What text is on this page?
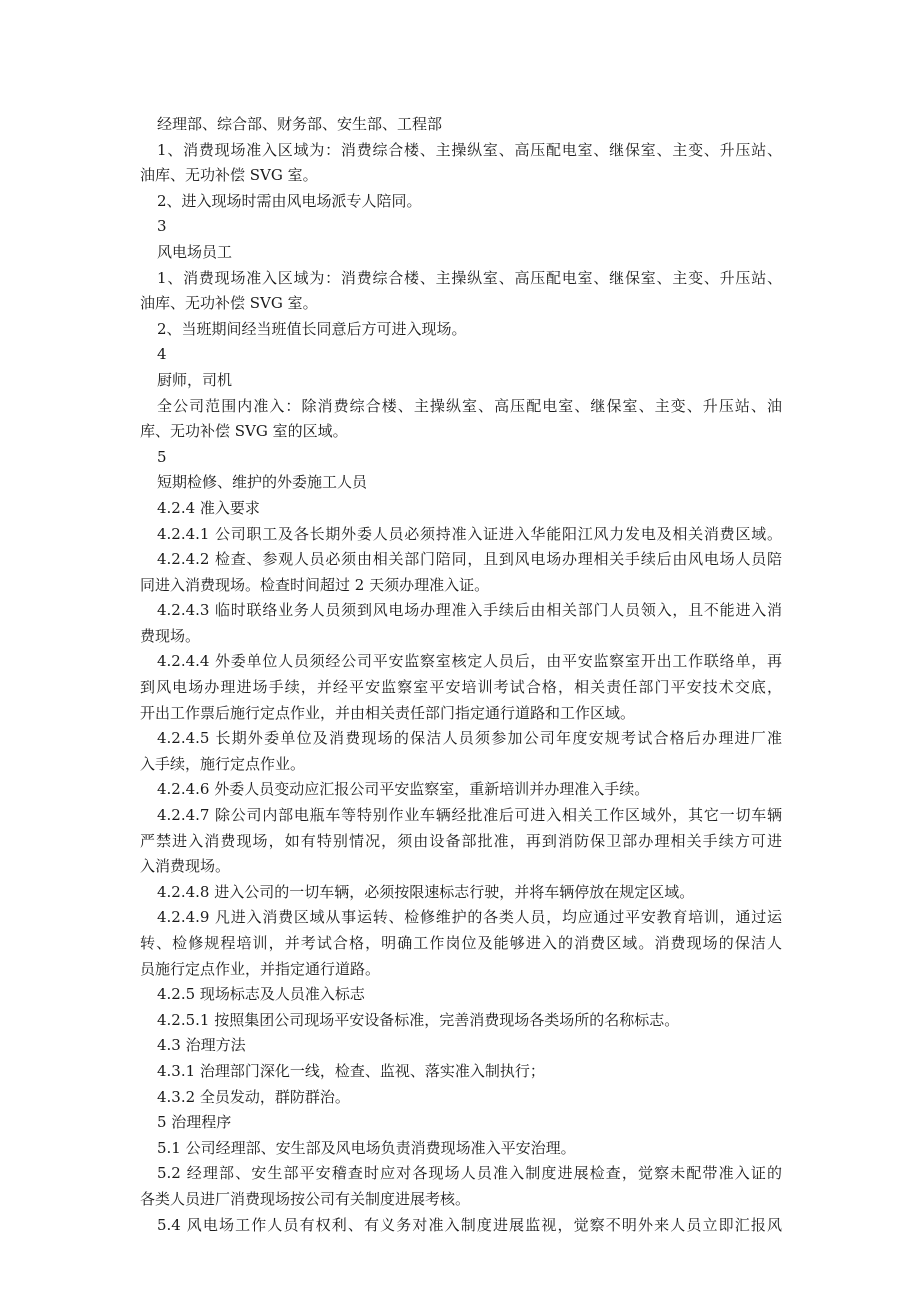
经理部、综合部、财务部、安生部、工程部
1、消费现场准入区域为：消费综合楼、主操纵室、高压配电室、继保室、主变、升压站、
油库、无功补偿 SVG 室。
2、进入现场时需由风电场派专人陪同。
3
风电场员工
1、消费现场准入区域为：消费综合楼、主操纵室、高压配电室、继保室、主变、升压站、
油库、无功补偿 SVG 室。
2、当班期间经当班值长同意后方可进入现场。
4
厨师，司机
全公司范围内准入：除消费综合楼、主操纵室、高压配电室、继保室、主变、升压站、油
库、无功补偿 SVG 室的区域。
5
短期检修、维护的外委施工人员
4.2.4 准入要求
4.2.4.1 公司职工及各长期外委人员必须持准入证进入华能阳江风力发电及相关消费区域。
4.2.4.2 检查、参观人员必须由相关部门陪同，且到风电场办理相关手续后由风电场人员陪
同进入消费现场。检查时间超过 2 天须办理准入证。
4.2.4.3 临时联络业务人员须到风电场办理准入手续后由相关部门人员领入，且不能进入消
费现场。
4.2.4.4 外委单位人员须经公司平安监察室核定人员后，由平安监察室开出工作联络单，再
到风电场办理进场手续，并经平安监察室平安培训考试合格，相关责任部门平安技术交底，
开出工作票后施行定点作业，并由相关责任部门指定通行道路和工作区域。
4.2.4.5 长期外委单位及消费现场的保洁人员须参加公司年度安规考试合格后办理进厂准
入手续，施行定点作业。
4.2.4.6 外委人员变动应汇报公司平安监察室，重新培训并办理准入手续。
4.2.4.7 除公司内部电瓶车等特别作业车辆经批准后可进入相关工作区域外，其它一切车辆
严禁进入消费现场，如有特别情况，须由设备部批准，再到消防保卫部办理相关手续方可进
入消费现场。
4.2.4.8 进入公司的一切车辆，必须按限速标志行驶，并将车辆停放在规定区域。
4.2.4.9 凡进入消费区域从事运转、检修维护的各类人员，均应通过平安教育培训，通过运
转、检修规程培训，并考试合格，明确工作岗位及能够进入的消费区域。消费现场的保洁人
员施行定点作业，并指定通行道路。
4.2.5 现场标志及人员准入标志
4.2.5.1 按照集团公司现场平安设备标准，完善消费现场各类场所的名称标志。
4.3 治理方法
4.3.1 治理部门深化一线，检查、监视、落实准入制执行；
4.3.2 全员发动，群防群治。
5 治理程序
5.1 公司经理部、安生部及风电场负责消费现场准入平安治理。
5.2 经理部、安生部平安稽查时应对各现场人员准入制度进展检查，觉察未配带准入证的
各类人员进厂消费现场按公司有关制度进展考核。
5.4 风电场工作人员有权利、有义务对准入制度进展监视，觉察不明外来人员立即汇报风
